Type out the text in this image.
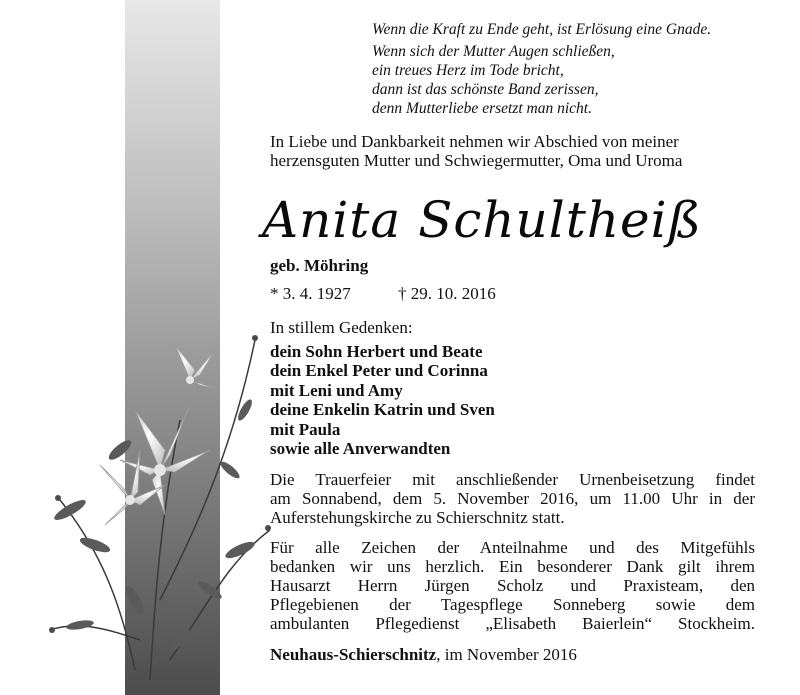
Wenn die Kraft zu Ende geht, ist Erlösung eine Gnade.

Wenn sich der Mutter Augen schließen,

ein treues Herz im Tode bricht,

dann ist das schönste Band zerissen,

denn Mutterliebe ersetzt man nicht.

In Liebe und Dankbarkeit nehmen wir Abschied von meiner
herzensguten Mutter und Schwiegermutter, Oma und Uroma
Anita Schultheiß
geb. Möhring
* 3. 4. 1927	† 29. 10. 2016
In stillem Gedenken:
dein Sohn Herbert und Beate
dein Enkel Peter und Corinna
mit Leni und Amy
deine Enkelin Katrin und Sven
mit Paula
sowie alle Anverwandten
Die Trauerfeier mit anschließender Urnenbeisetzung findet
am Sonnabend, dem 5. November 2016, um 11.00 Uhr in der
Auferstehungskirche zu Schierschnitz statt.
Für alle Zeichen der Anteilnahme und des Mitgefühls
bedanken wir uns herzlich. Ein besonderer Dank gilt ihrem
Hausarzt Herrn Jürgen Scholz und Praxisteam, den
Pflegebienen der Tagespflege Sonneberg sowie dem
ambulanten Pflegedienst „Elisabeth Baierlein“ Stockheim.
Neuhaus-Schierschnitz, im November 2016
